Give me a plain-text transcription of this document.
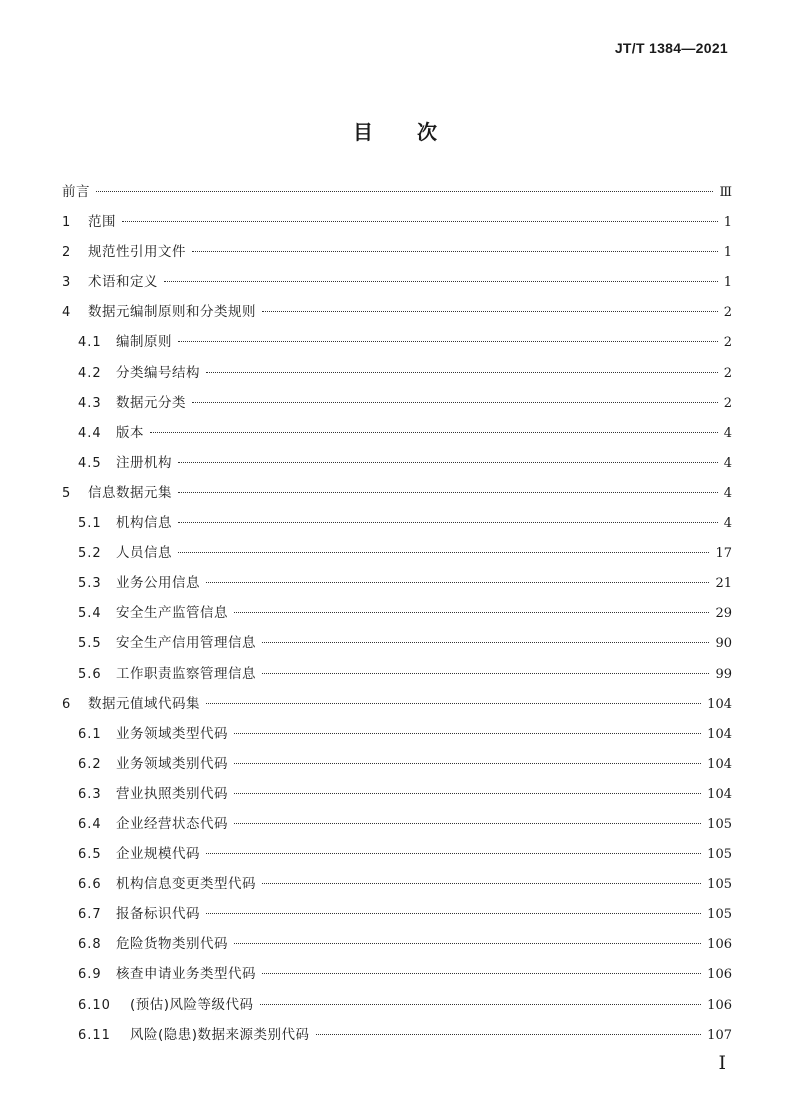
JT/T 1384—2021
目次
前言	Ⅲ
1	范围	1
2	规范性引用文件	1
3	术语和定义	1
4	数据元编制原则和分类规则	2
4.1	编制原则	2
4.2	分类编号结构	2
4.3	数据元分类	2
4.4	版本	4
4.5	注册机构	4
5	信息数据元集	4
5.1	机构信息	4
5.2	人员信息	17
5.3	业务公用信息	21
5.4	安全生产监管信息	29
5.5	安全生产信用管理信息	90
5.6	工作职责监察管理信息	99
6	数据元值域代码集	104
6.1	业务领域类型代码	104
6.2	业务领域类别代码	104
6.3	营业执照类别代码	104
6.4	企业经营状态代码	105
6.5	企业规模代码	105
6.6	机构信息变更类型代码	105
6.7	报备标识代码	105
6.8	危险货物类别代码	106
6.9	核查申请业务类型代码	106
6.10	(预估)风险等级代码	106
6.11	风险(隐患)数据来源类别代码	107
I
